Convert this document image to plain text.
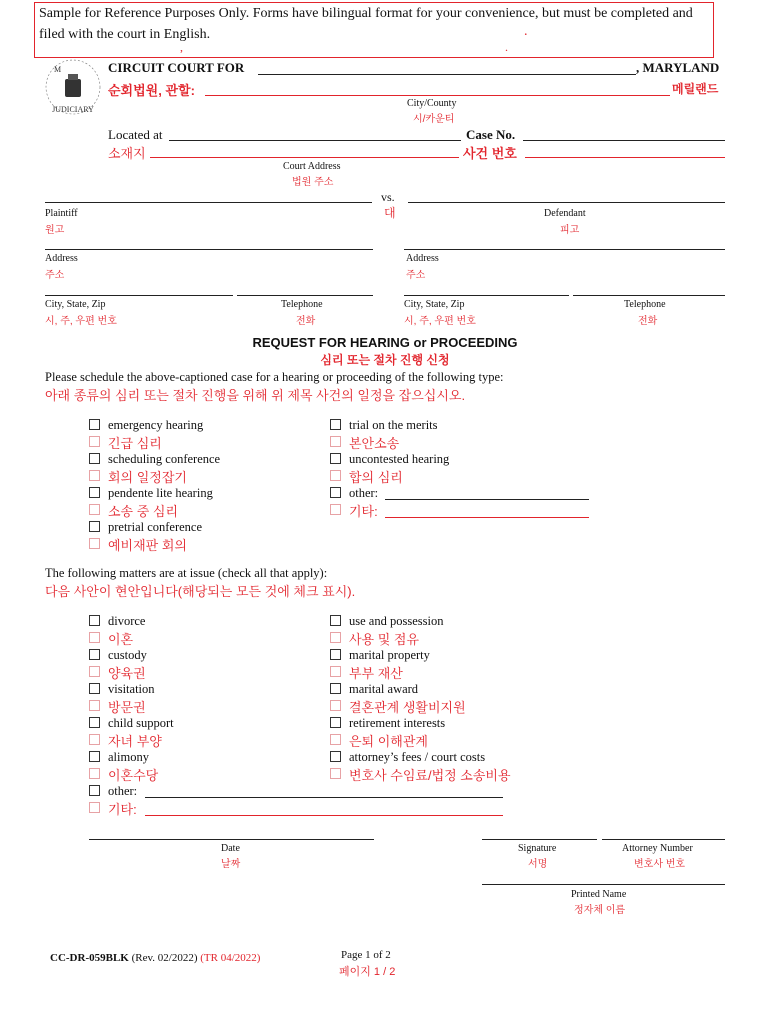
Sample for Reference Purposes Only. Forms have bilingual format for your convenience, but must be completed and filed with the court in English.
,
.
.
JUDICIARY
M	CIRCUIT COURT FOR	, MARYLAND
순회법원, 관할:	메릴랜드
City/County
시/카운티
Located at	Case No.
소재지	사건 번호
Court Address
법원 주소
vs.
대
Plaintiff
원고
Defendant
피고
Address
주소
Address
주소
City, State, Zip
시, 주, 우편 번호
Telephone
전화
City, State, Zip
시, 주, 우편 번호
Telephone
전화
REQUEST FOR HEARING or PROCEEDING
심리 또는 절차 진행 신청
Please schedule the above-captioned case for a hearing or proceeding of the following type:
아래 종류의 심리 또는 절차 진행을 위해 위 제목 사건의 일정을 잡으십시오.
emergency hearing
긴급 심리
scheduling conference
회의 일정잡기
pendente lite hearing
소송 중 심리
pretrial conference
예비재판 회의
trial on the merits
본안소송
uncontested hearing
합의 심리
other:
기타:
The following matters are at issue (check all that apply):
다음 사안이 현안입니다(해당되는 모든 것에 체크 표시).
divorce
이혼
custody
양육권
visitation
방문권
child support
자녀 부양
alimony
이혼수당
other:
기타:
use and possession
사용 및 점유
marital property
부부 재산
marital award
결혼관계 생활비지원
retirement interests
은퇴 이해관계
attorney’s fees / court costs
변호사 수임료/법정 소송비용
Date
날짜
Signature
서명
Attorney Number
변호사 번호
Printed Name
정자체 이름
CC-DR-059BLK (Rev. 02/2022) (TR 04/2022)	Page 1 of 2
페이지 1 / 2
